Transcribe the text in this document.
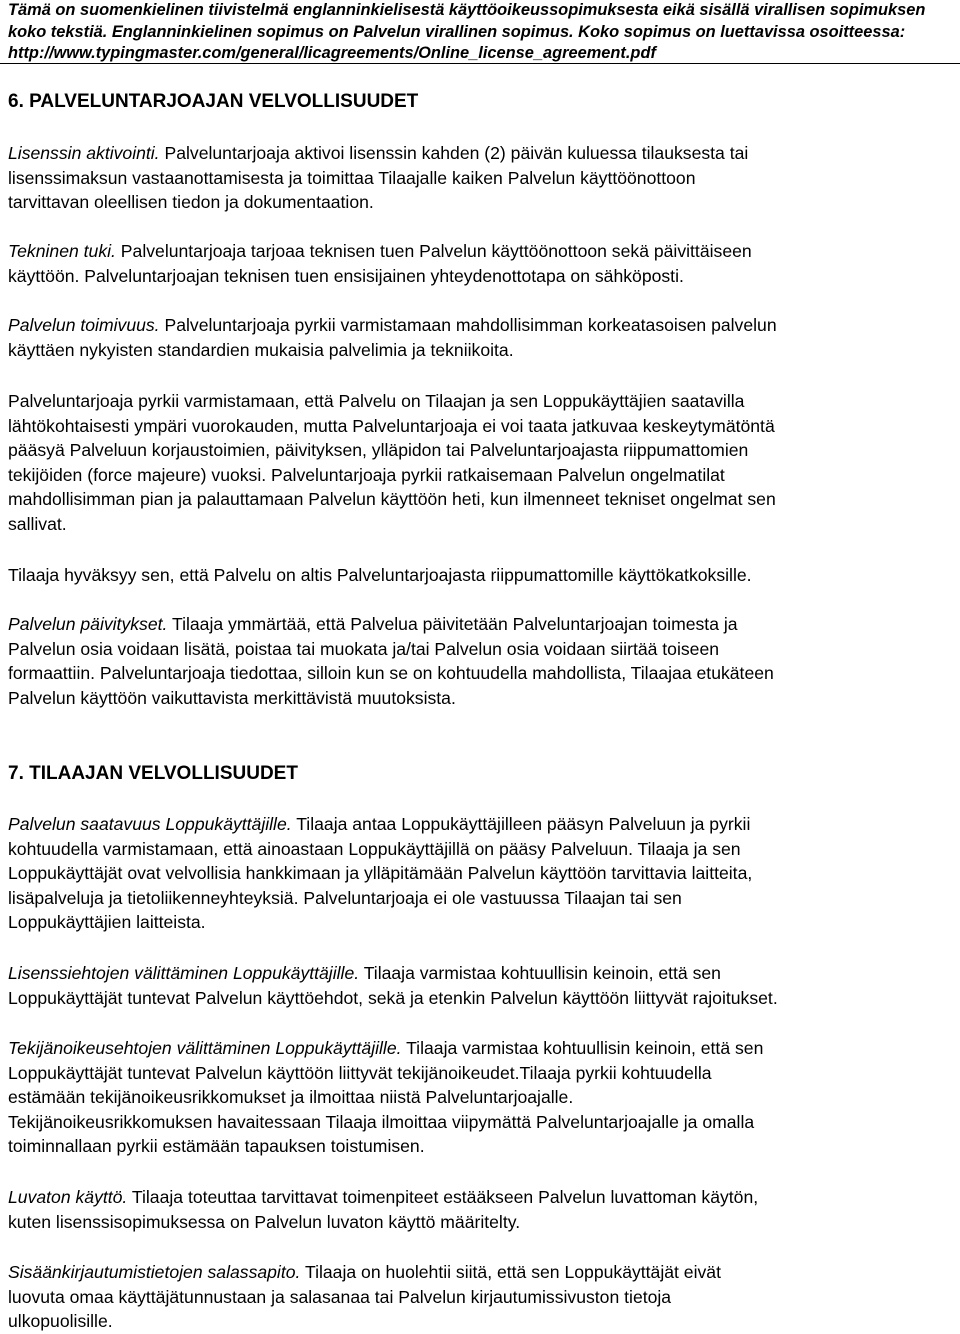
Tämä on suomenkielinen tiivistelmä englanninkielisestä käyttöoikeussopimuksesta eikä sisällä virallisen sopimuksen
koko tekstiä. Englanninkielinen sopimus on Palvelun virallinen sopimus. Koko sopimus on luettavissa osoitteessa:
http://www.typingmaster.com/general/licagreements/Online_license_agreement.pdf
6. PALVELUNTARJOAJAN VELVOLLISUUDET
Lisenssin aktivointi. Palveluntarjoaja aktivoi lisenssin kahden (2) päivän kuluessa tilauksesta tai
lisenssimaksun vastaanottamisesta ja toimittaa Tilaajalle kaiken Palvelun käyttöönottoon
tarvittavan oleellisen tiedon ja dokumentaation.
Tekninen tuki. Palveluntarjoaja tarjoaa teknisen tuen Palvelun käyttöönottoon sekä päivittäiseen
käyttöön. Palveluntarjoajan teknisen tuen ensisijainen yhteydenottotapa on sähköposti.
Palvelun toimivuus. Palveluntarjoaja pyrkii varmistamaan mahdollisimman korkeatasoisen palvelun
käyttäen nykyisten standardien mukaisia palvelimia ja tekniikoita.
Palveluntarjoaja pyrkii varmistamaan, että Palvelu on Tilaajan ja sen Loppukäyttäjien saatavilla
lähtökohtaisesti ympäri vuorokauden, mutta Palveluntarjoaja ei voi taata jatkuvaa keskeytymätöntä
pääsyä Palveluun korjaustoimien, päivityksen, ylläpidon tai Palveluntarjoajasta riippumattomien
tekijöiden (force majeure) vuoksi. Palveluntarjoaja pyrkii ratkaisemaan Palvelun ongelmatilat
mahdollisimman pian ja palauttamaan Palvelun käyttöön heti, kun ilmenneet tekniset ongelmat sen
sallivat.
Tilaaja hyväksyy sen, että Palvelu on altis Palveluntarjoajasta riippumattomille käyttökatkoksille.
Palvelun päivitykset. Tilaaja ymmärtää, että Palvelua päivitetään Palveluntarjoajan toimesta ja
Palvelun osia voidaan lisätä, poistaa tai muokata ja/tai Palvelun osia voidaan siirtää toiseen
formaattiin. Palveluntarjoaja tiedottaa, silloin kun se on kohtuudella mahdollista, Tilaajaa etukäteen
Palvelun käyttöön vaikuttavista merkittävistä muutoksista.
7. TILAAJAN VELVOLLISUUDET
Palvelun saatavuus Loppukäyttäjille. Tilaaja antaa Loppukäyttäjilleen pääsyn Palveluun ja pyrkii
kohtuudella varmistamaan, että ainoastaan Loppukäyttäjillä on pääsy Palveluun. Tilaaja ja sen
Loppukäyttäjät ovat velvollisia hankkimaan ja ylläpitämään Palvelun käyttöön tarvittavia laitteita,
lisäpalveluja ja tietoliikenneyhteyksiä. Palveluntarjoaja ei ole vastuussa Tilaajan tai sen
Loppukäyttäjien laitteista.
Lisenssiehtojen välittäminen Loppukäyttäjille. Tilaaja varmistaa kohtuullisin keinoin, että sen
Loppukäyttäjät tuntevat Palvelun käyttöehdot, sekä ja etenkin Palvelun käyttöön liittyvät rajoitukset.
Tekijänoikeusehtojen välittäminen Loppukäyttäjille. Tilaaja varmistaa kohtuullisin keinoin, että sen
Loppukäyttäjät tuntevat Palvelun käyttöön liittyvät tekijänoikeudet.Tilaaja pyrkii kohtuudella
estämään tekijänoikeusrikkomukset ja ilmoittaa niistä Palveluntarjoajalle.
Tekijänoikeusrikkomuksen havaitessaan Tilaaja ilmoittaa viipymättä Palveluntarjoajalle ja omalla
toiminnallaan pyrkii estämään tapauksen toistumisen.
Luvaton käyttö. Tilaaja toteuttaa tarvittavat toimenpiteet estääkseen Palvelun luvattoman käytön,
kuten lisenssisopimuksessa on Palvelun luvaton käyttö määritelty.
Sisäänkirjautumistietojen salassapito. Tilaaja on huolehtii siitä, että sen Loppukäyttäjät eivät
luovuta omaa käyttäjätunnustaan ja salasanaa tai Palvelun kirjautumissivuston tietoja
ulkopuolisille.
